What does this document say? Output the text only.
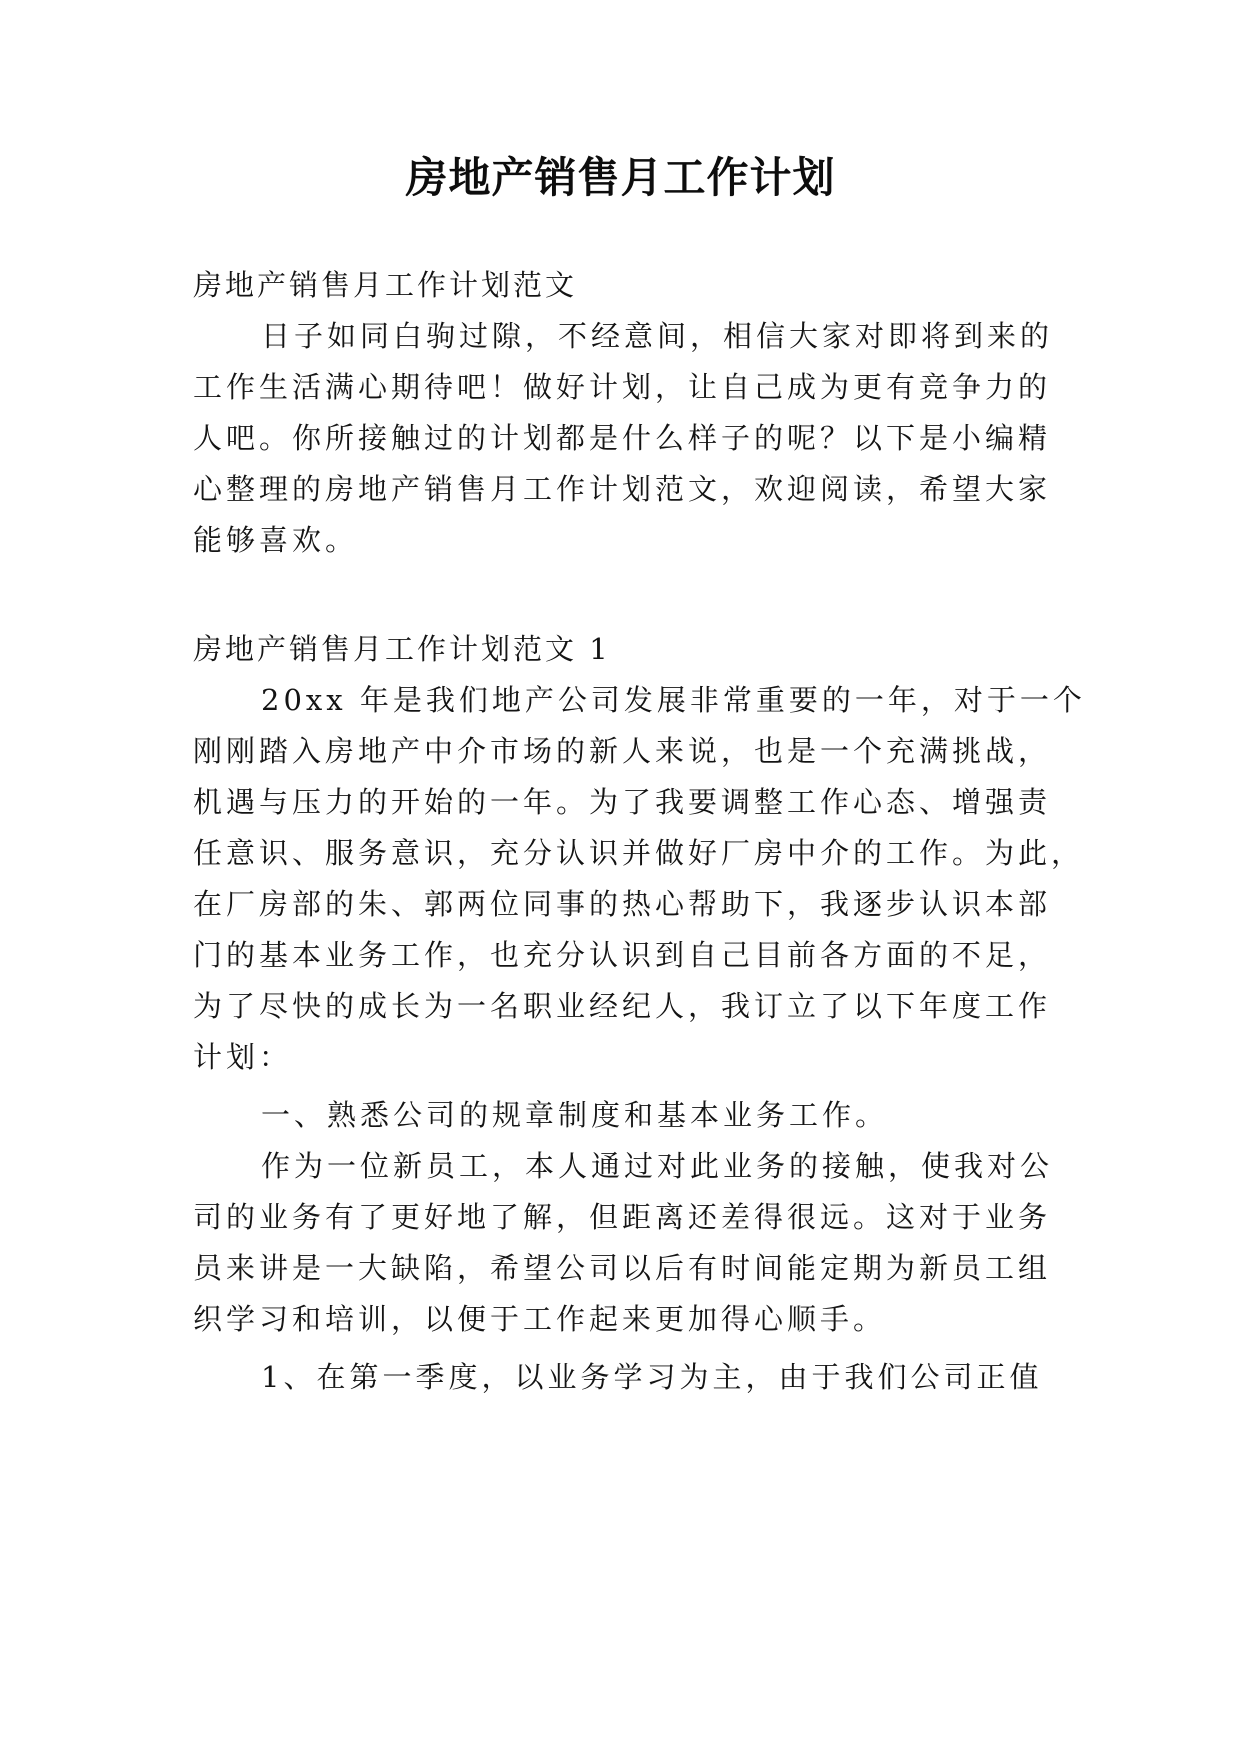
房地产销售月工作计划
房地产销售月工作计划范文
日子如同白驹过隙，不经意间，相信大家对即将到来的
工作生活满心期待吧！做好计划，让自己成为更有竞争力的
人吧。你所接触过的计划都是什么样子的呢？以下是小编精
心整理的房地产销售月工作计划范文，欢迎阅读，希望大家
能够喜欢。
房地产销售月工作计划范文 1
20xx 年是我们地产公司发展非常重要的一年，对于一个
刚刚踏入房地产中介市场的新人来说，也是一个充满挑战，
机遇与压力的开始的一年。为了我要调整工作心态、增强责
任意识、服务意识，充分认识并做好厂房中介的工作。为此，
在厂房部的朱、郭两位同事的热心帮助下，我逐步认识本部
门的基本业务工作，也充分认识到自己目前各方面的不足，
为了尽快的成长为一名职业经纪人，我订立了以下年度工作
计划：
一、熟悉公司的规章制度和基本业务工作。
作为一位新员工，本人通过对此业务的接触，使我对公
司的业务有了更好地了解，但距离还差得很远。这对于业务
员来讲是一大缺陷，希望公司以后有时间能定期为新员工组
织学习和培训，以便于工作起来更加得心顺手。
1、在第一季度，以业务学习为主，由于我们公司正值
